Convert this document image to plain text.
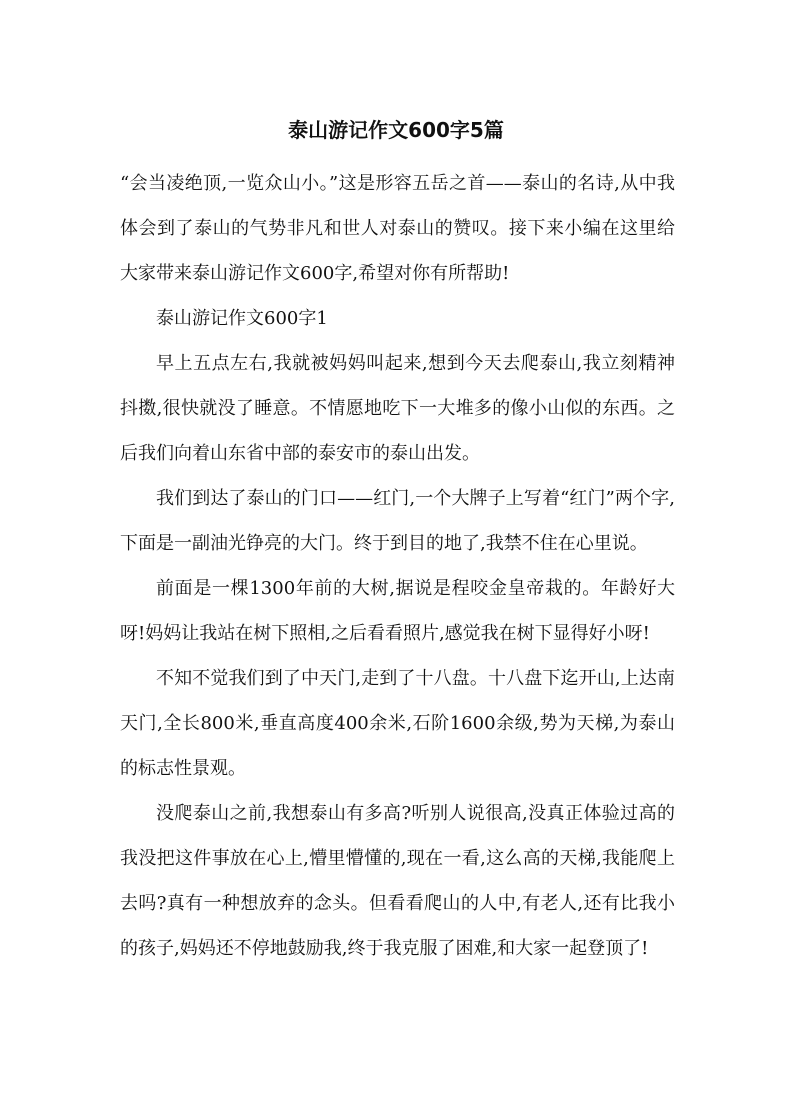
泰山游记作文600字5篇

“会当凌绝顶,一览众山小。”这是形容五岳之首——泰山的名诗,从中我体会到了泰山的气势非凡和世人对泰山的赞叹。接下来小编在这里给大家带来泰山游记作文600字,希望对你有所帮助!

泰山游记作文600字1

早上五点左右,我就被妈妈叫起来,想到今天去爬泰山,我立刻精神抖擞,很快就没了睡意。不情愿地吃下一大堆多的像小山似的东西。之后我们向着山东省中部的泰安市的泰山出发。

我们到达了泰山的门口——红门,一个大牌子上写着“红门”两个字,下面是一副油光铮亮的大门。终于到目的地了,我禁不住在心里说。

前面是一棵1300年前的大树,据说是程咬金皇帝栽的。年龄好大呀!妈妈让我站在树下照相,之后看看照片,感觉我在树下显得好小呀!

不知不觉我们到了中天门,走到了十八盘。十八盘下迄开山,上达南天门,全长800米,垂直高度400余米,石阶1600余级,势为天梯,为泰山的标志性景观。

没爬泰山之前,我想泰山有多高?听别人说很高,没真正体验过高的我没把这件事放在心上,懵里懵懂的,现在一看,这么高的天梯,我能爬上去吗?真有一种想放弃的念头。但看看爬山的人中,有老人,还有比我小的孩子,妈妈还不停地鼓励我,终于我克服了困难,和大家一起登顶了!
